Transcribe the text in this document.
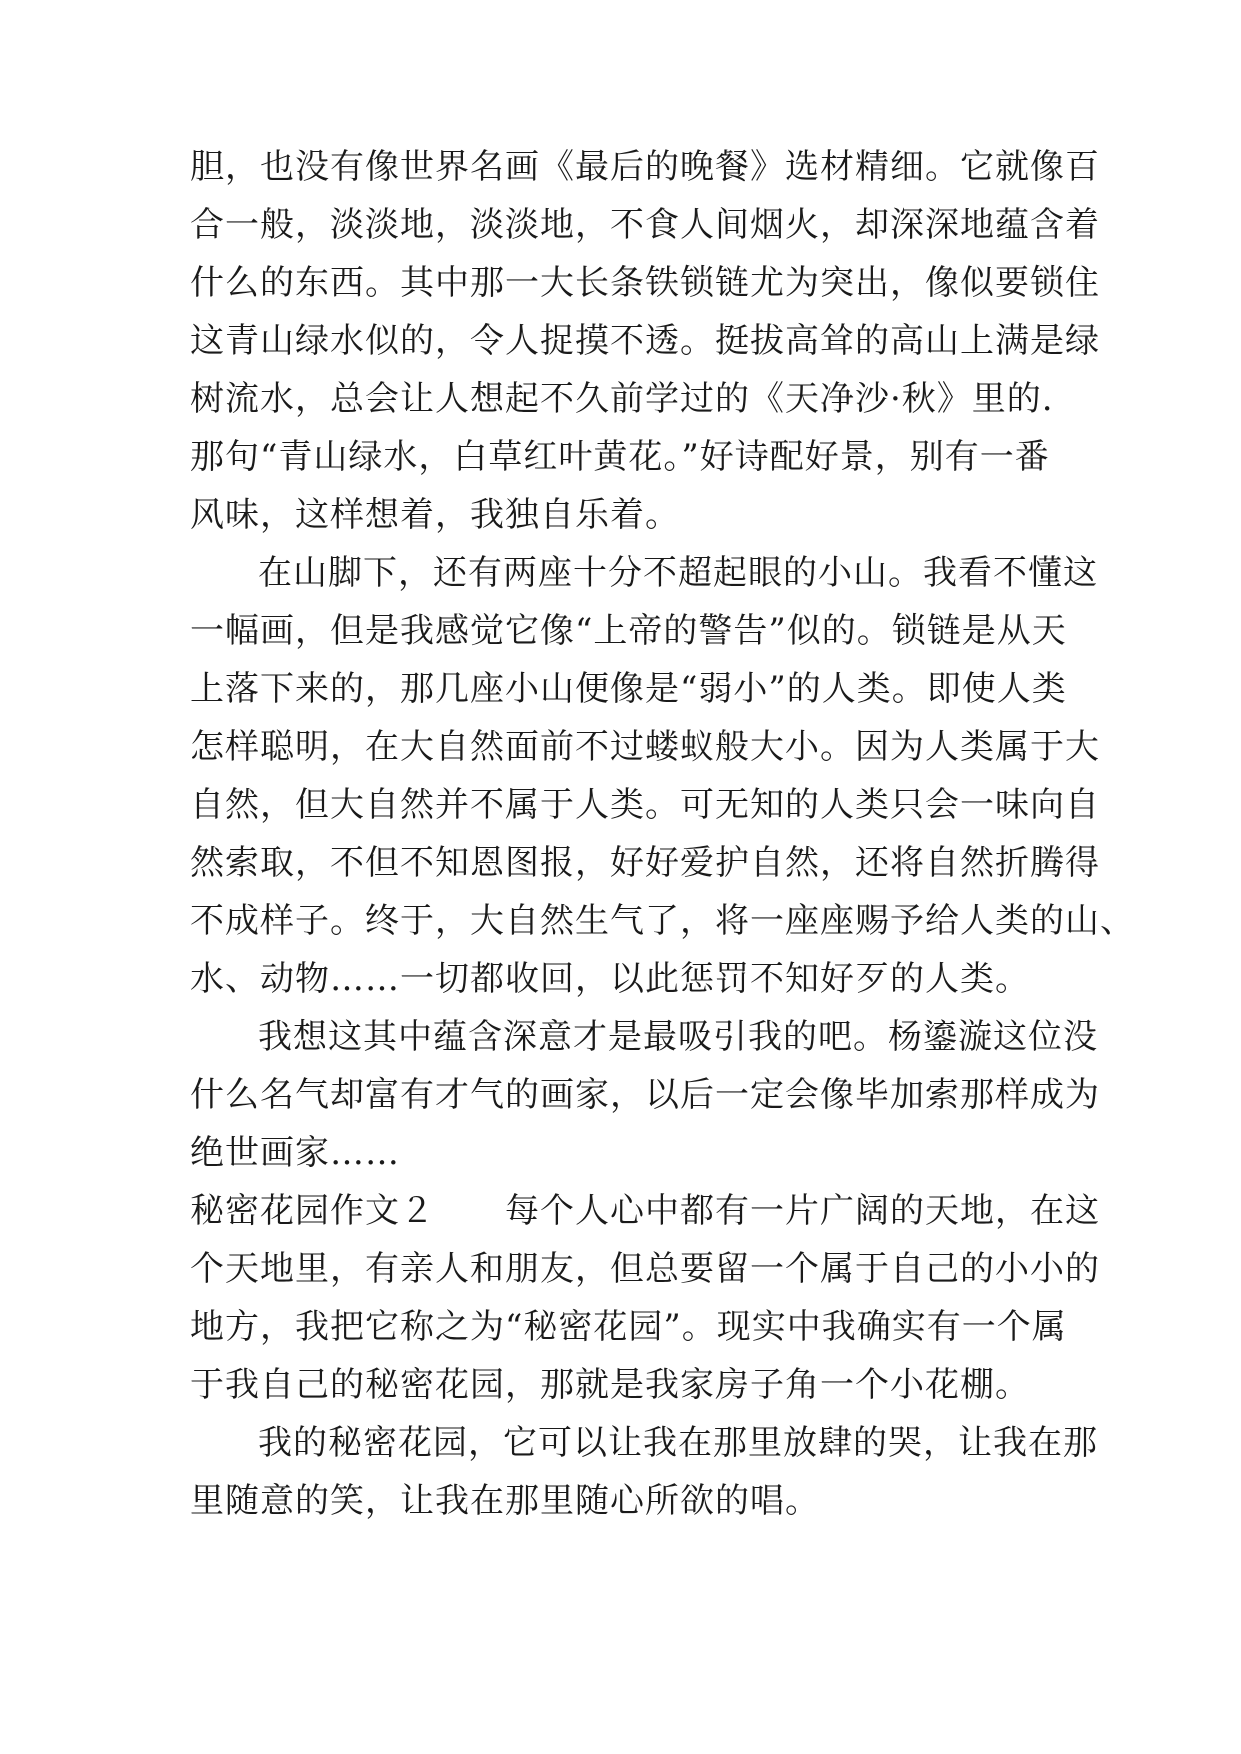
胆，也没有像世界名画《最后的晚餐》选材精细。它就像百
合一般，淡淡地，淡淡地，不食人间烟火，却深深地蕴含着
什么的东西。其中那一大长条铁锁链尤为突出，像似要锁住
这青山绿水似的，令人捉摸不透。挺拔高耸的高山上满是绿
树流水，总会让人想起不久前学过的《天净沙·秋》里的.
那句“青山绿水，白草红叶黄花。”好诗配好景，别有一番
风味，这样想着，我独自乐着。
在山脚下，还有两座十分不超起眼的小山。我看不懂这
一幅画，但是我感觉它像“上帝的警告”似的。锁链是从天
上落下来的，那几座小山便像是“弱小”的人类。即使人类
怎样聪明，在大自然面前不过蝼蚁般大小。因为人类属于大
自然，但大自然并不属于人类。可无知的人类只会一味向自
然索取，不但不知恩图报，好好爱护自然，还将自然折腾得
不成样子。终于，大自然生气了，将一座座赐予给人类的山、
水、动物……一切都收回，以此惩罚不知好歹的人类。
我想这其中蕴含深意才是最吸引我的吧。杨鎏漩这位没
什么名气却富有才气的画家，以后一定会像毕加索那样成为
绝世画家……
秘密花园作文２　　每个人心中都有一片广阔的天地，在这
个天地里，有亲人和朋友，但总要留一个属于自己的小小的
地方，我把它称之为“秘密花园”。现实中我确实有一个属
于我自己的秘密花园，那就是我家房子角一个小花棚。
我的秘密花园，它可以让我在那里放肆的哭，让我在那
里随意的笑，让我在那里随心所欲的唱。
